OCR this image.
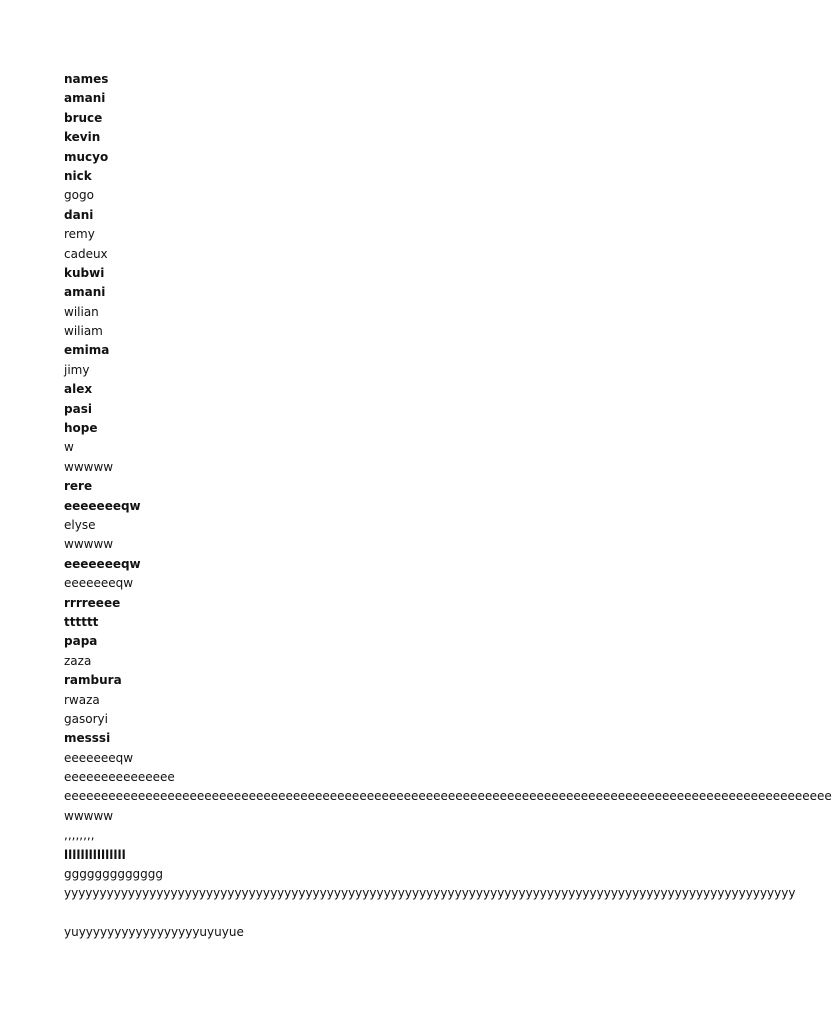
names
amani
bruce
kevin
mucyo
nick
gogo
dani
remy
cadeux
kubwi
amani
wilian
wiliam
emima
jimy
alex
pasi
hope
w
wwwww
rere
eeeeeeeqw
elyse
wwwww
eeeeeeeqw
eeeeeeeqw
rrrreeee
tttttt
papa
zaza
rambura
rwaza
gasoryi
messsi
eeeeeeeqw
eeeeeeeeeeeeeee
eeeeeeeeeeeeeeeeeeeeeeeeeeeeeeeeeeeeeeeeeeeeeeeeeeeeeeeeeeeeeeeeeeeeeeeeeeeeeeeeeeeeeeeeeeeeeeeeeeeeeeee
wwwww
,,,,,,,,
lllllllllllllll
ggggggggggggg
yyyyyyyyyyyyyyyyyyyyyyyyyyyyyyyyyyyyyyyyyyyyyyyyyyyyyyyyyyyyyyyyyyyyyyyyyyyyyyyyyyyyyyyyyyyyyyyyyyyyyyy
yuyyyyyyyyyyyyyyyyyuyuyue
